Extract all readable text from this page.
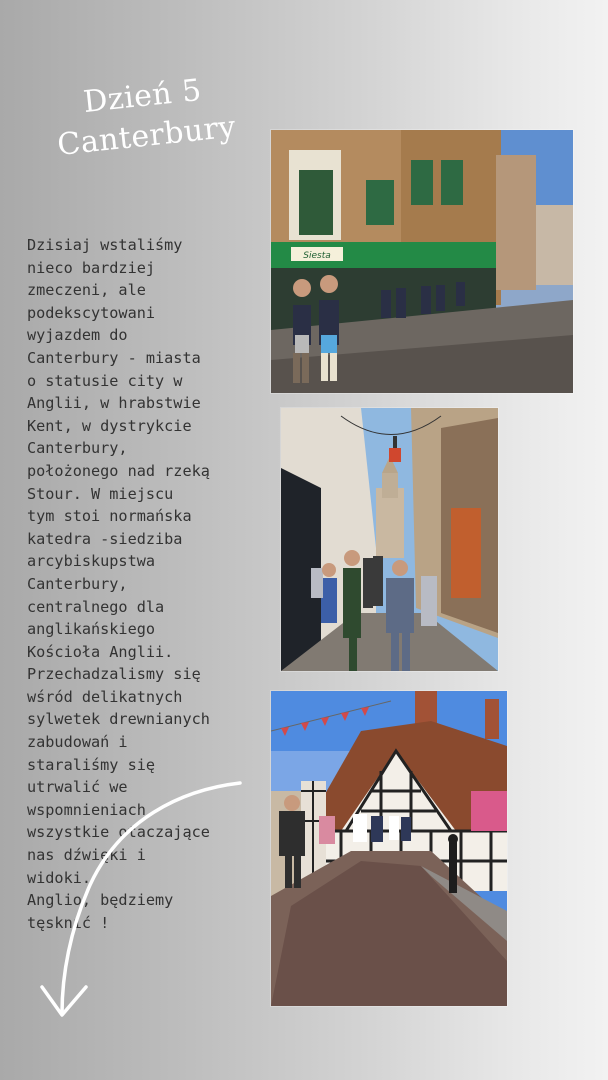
Dzień 5
Canterbury
Dzisiaj wstaliśmy
nieco bardziej
zmeczeni, ale
podekscytowani
wyjazdem do
Canterbury - miasta
o statusie city w
Anglii, w hrabstwie
Kent, w dystrykcie
Canterbury,
położonego nad rzeką
Stour. W miejscu
tym stoi normańska
katedra -siedziba
arcybiskupstwa
Canterbury,
centralnego dla
anglikańskiego
Kościoła Anglii.
Przechadzalismy się
wśród delikatnych
sylwetek drewnianych
zabudowań i
staraliśmy się
utrwalić we
wspomnieniach
wszystkie otaczające
nas dźwięki i
widoki.
Anglio, będziemy
tęsknić !
Siesta
